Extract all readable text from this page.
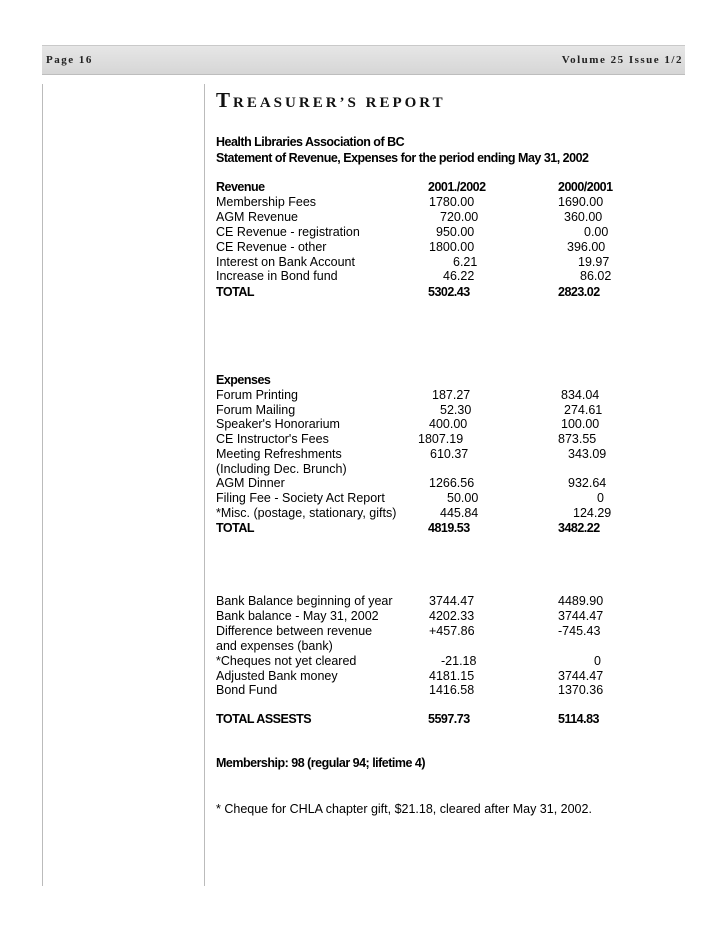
Page 16	Volume 25 Issue 1/2
TREASURER’S REPORT
Health Libraries Association of BC
Statement of Revenue, Expenses for the period ending May 31, 2002
Revenue	2001./2002	2000/2001
Membership Fees	1780.00	1690.00
AGM Revenue	720.00	360.00
CE Revenue - registration	950.00	0.00
CE Revenue - other	1800.00	396.00
Interest on Bank Account	6.21	19.97
Increase in Bond fund	46.22	86.02
TOTAL	5302.43	2823.02
Expenses
Forum Printing	187.27	834.04
Forum Mailing	52.30	274.61
Speaker's Honorarium	400.00	100.00
CE Instructor's Fees	1807.19	873.55
Meeting Refreshments	610.37	343.09
(Including Dec. Brunch)
AGM Dinner	1266.56	932.64
Filing Fee - Society Act Report	50.00	0
*Misc. (postage, stationary, gifts)	445.84	124.29
TOTAL	4819.53	3482.22
Bank Balance beginning of year	3744.47	4489.90
Bank balance - May 31, 2002	4202.33	3744.47
Difference between revenue	+457.86	-745.43
and expenses (bank)
*Cheques not yet cleared	-21.18	0
Adjusted Bank money	4181.15	3744.47
Bond Fund	1416.58	1370.36
TOTAL ASSESTS	5597.73	5114.83
Membership: 98 (regular 94; lifetime 4)
* Cheque for CHLA chapter gift, $21.18, cleared after May 31, 2002.
